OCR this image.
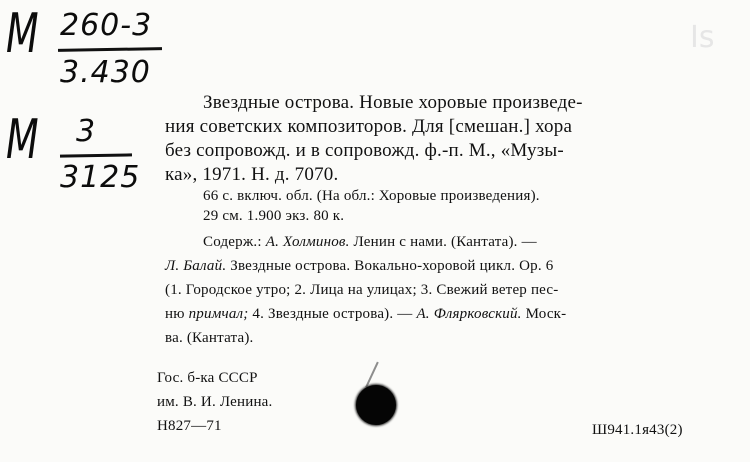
М 260-3
3.430
М 3
3125
Is
Звездные острова. Новые хоровые произведе-
ния советских композиторов. Для [смешан.] хора
без сопровожд. и в сопровожд. ф.-п. М., «Музы-
ка», 1971. Н. д. 7070.
66 с. включ. обл. (На обл.: Хоровые произведения).
29 см. 1.900 экз. 80 к.
Содерж.: А. Холминов. Ленин с нами. (Кантата). —
Л. Балай. Звездные острова. Вокально-хоровой цикл. Ор. 6
(1. Городское утро; 2. Лица на улицах; 3. Свежий ветер пес-
ню примчал; 4. Звездные острова). — А. Флярковский. Моск-
ва. (Кантата).
Гос. б-ка СССР
им. В. И. Ленина.
Н827—71	Ш941.1я43(2)
